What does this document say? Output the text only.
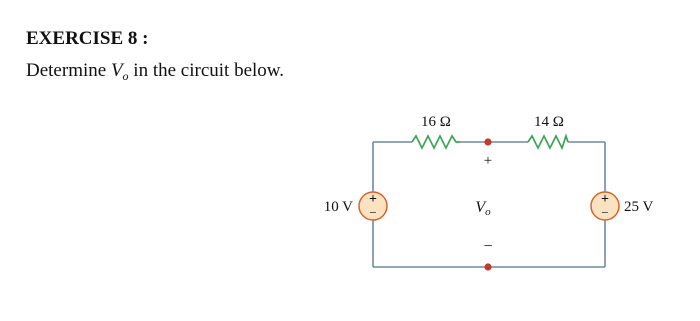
EXERCISE 8 :
Determine $V_o$ in the circuit below.
16 Ω	14 Ω
+
−
10 V	+
− 25 V
+
Vo
−
